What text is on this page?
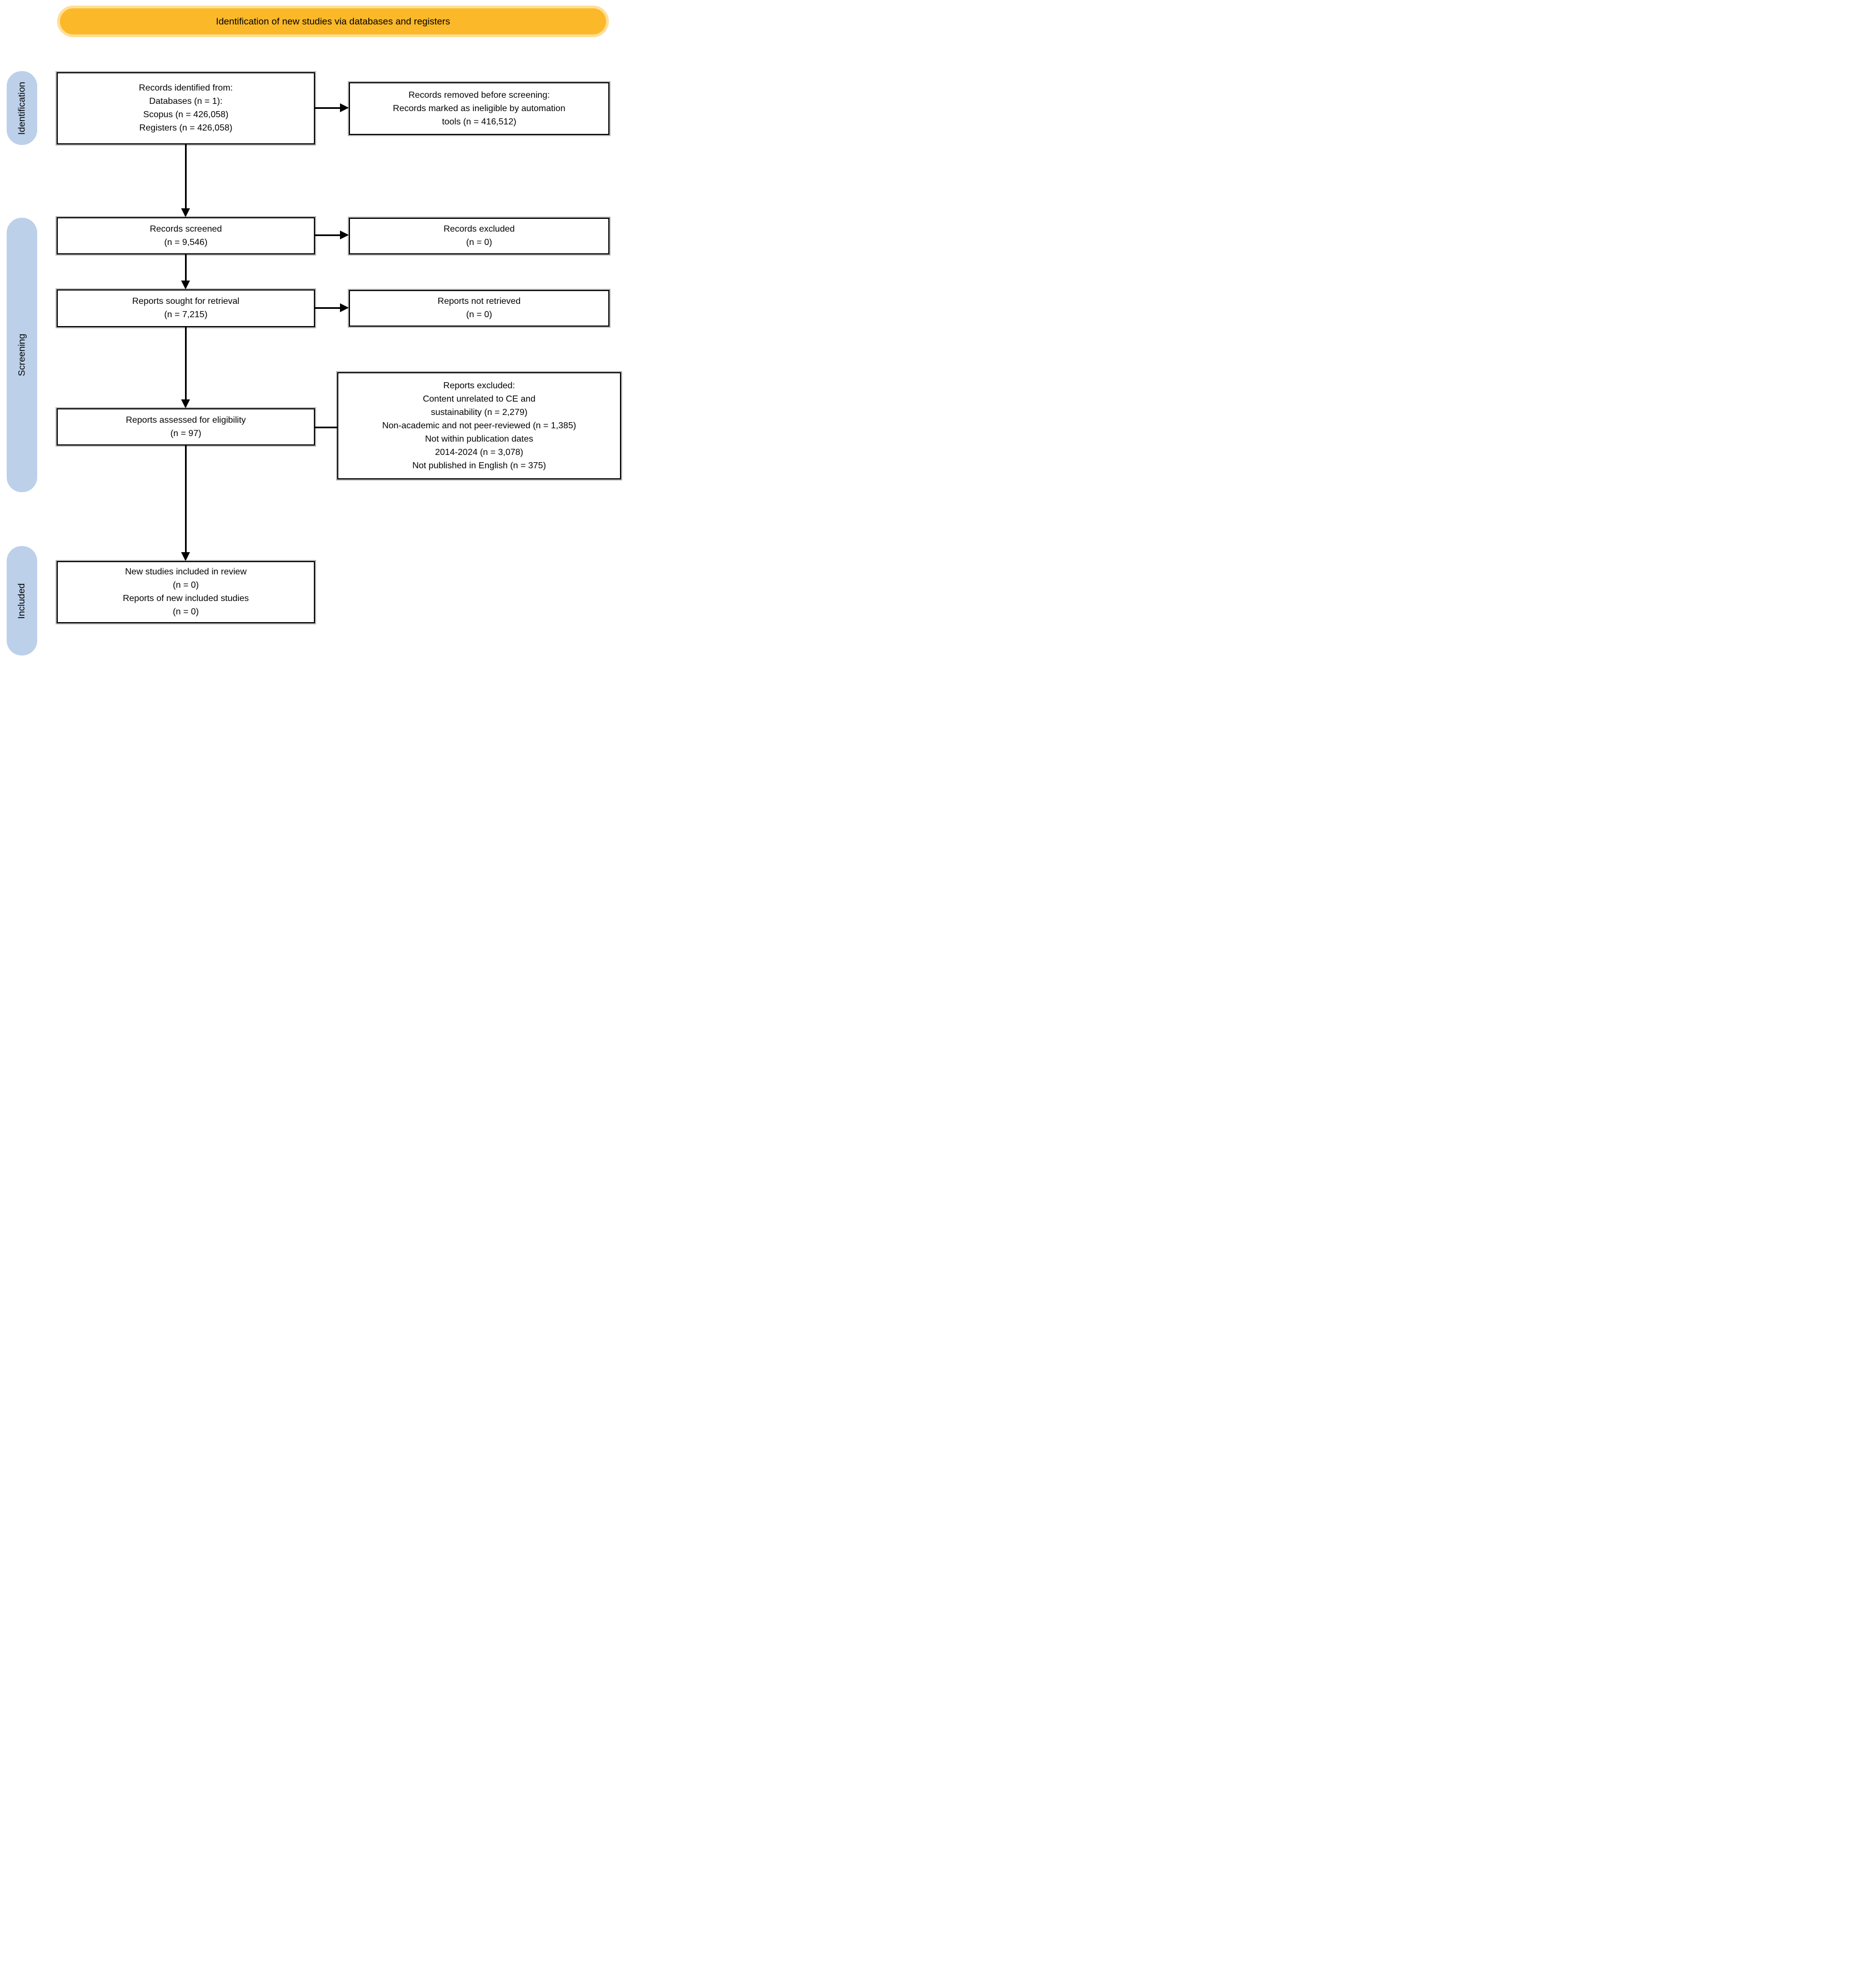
Identification of new studies via databases and registers
Identification
Screening
Included
Records identified from:
Databases (n = 1):
Scopus (n = 426,058)
Registers (n = 426,058)
Records removed before screening:
Records marked as ineligible by automation
tools (n = 416,512)
Records screened
(n = 9,546)
Records excluded
(n = 0)
Reports sought for retrieval
(n = 7,215)
Reports not retrieved
(n = 0)
Reports assessed for eligibility
(n = 97)
Reports excluded:
Content unrelated to CE and
sustainability (n = 2,279)
Non-academic and not peer-reviewed (n = 1,385)
Not within publication dates
2014-2024 (n = 3,078)
Not published in English (n = 375)
New studies included in review
(n = 0)
Reports of new included studies
(n = 0)
